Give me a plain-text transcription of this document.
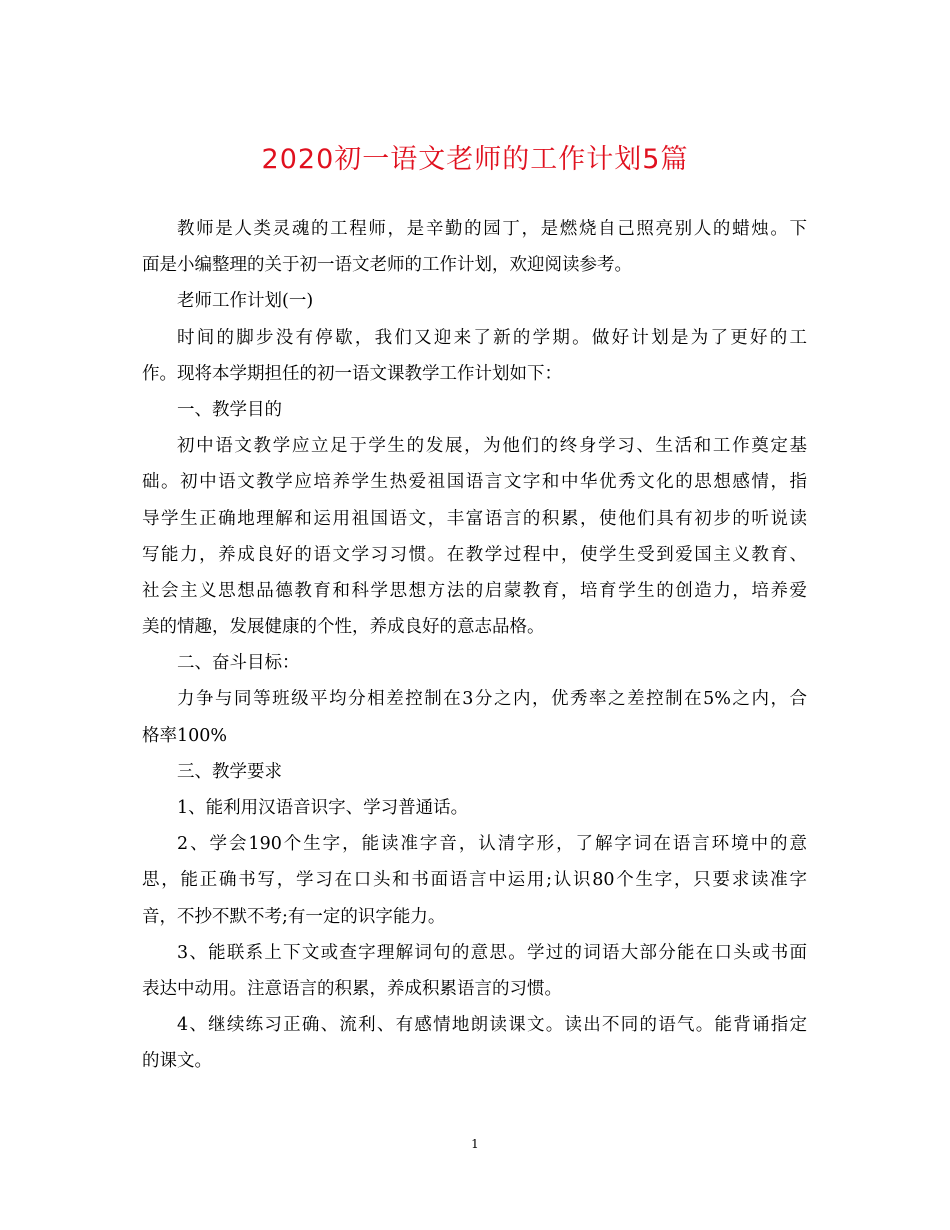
2020初一语文老师的工作计划5篇
教师是人类灵魂的工程师，是辛勤的园丁，是燃烧自己照亮别人的蜡烛。下
面是小编整理的关于初一语文老师的工作计划，欢迎阅读参考。
老师工作计划(一)
时间的脚步没有停歇，我们又迎来了新的学期。做好计划是为了更好的工
作。现将本学期担任的初一语文课教学工作计划如下：
一、教学目的
初中语文教学应立足于学生的发展，为他们的终身学习、生活和工作奠定基
础。初中语文教学应培养学生热爱祖国语言文字和中华优秀文化的思想感情，指
导学生正确地理解和运用祖国语文，丰富语言的积累，使他们具有初步的听说读
写能力，养成良好的语文学习习惯。在教学过程中，使学生受到爱国主义教育、
社会主义思想品德教育和科学思想方法的启蒙教育，培育学生的创造力，培养爱
美的情趣，发展健康的个性，养成良好的意志品格。
二、奋斗目标：
力争与同等班级平均分相差控制在3分之内，优秀率之差控制在5%之内，合
格率100%
三、教学要求
1、能利用汉语音识字、学习普通话。
2、学会190个生字，能读准字音，认清字形，了解字词在语言环境中的意
思，能正确书写，学习在口头和书面语言中运用;认识80个生字，只要求读准字
音，不抄不默不考;有一定的识字能力。
3、能联系上下文或查字理解词句的意思。学过的词语大部分能在口头或书面
表达中动用。注意语言的积累，养成积累语言的习惯。
4、继续练习正确、流利、有感情地朗读课文。读出不同的语气。能背诵指定
的课文。
1
